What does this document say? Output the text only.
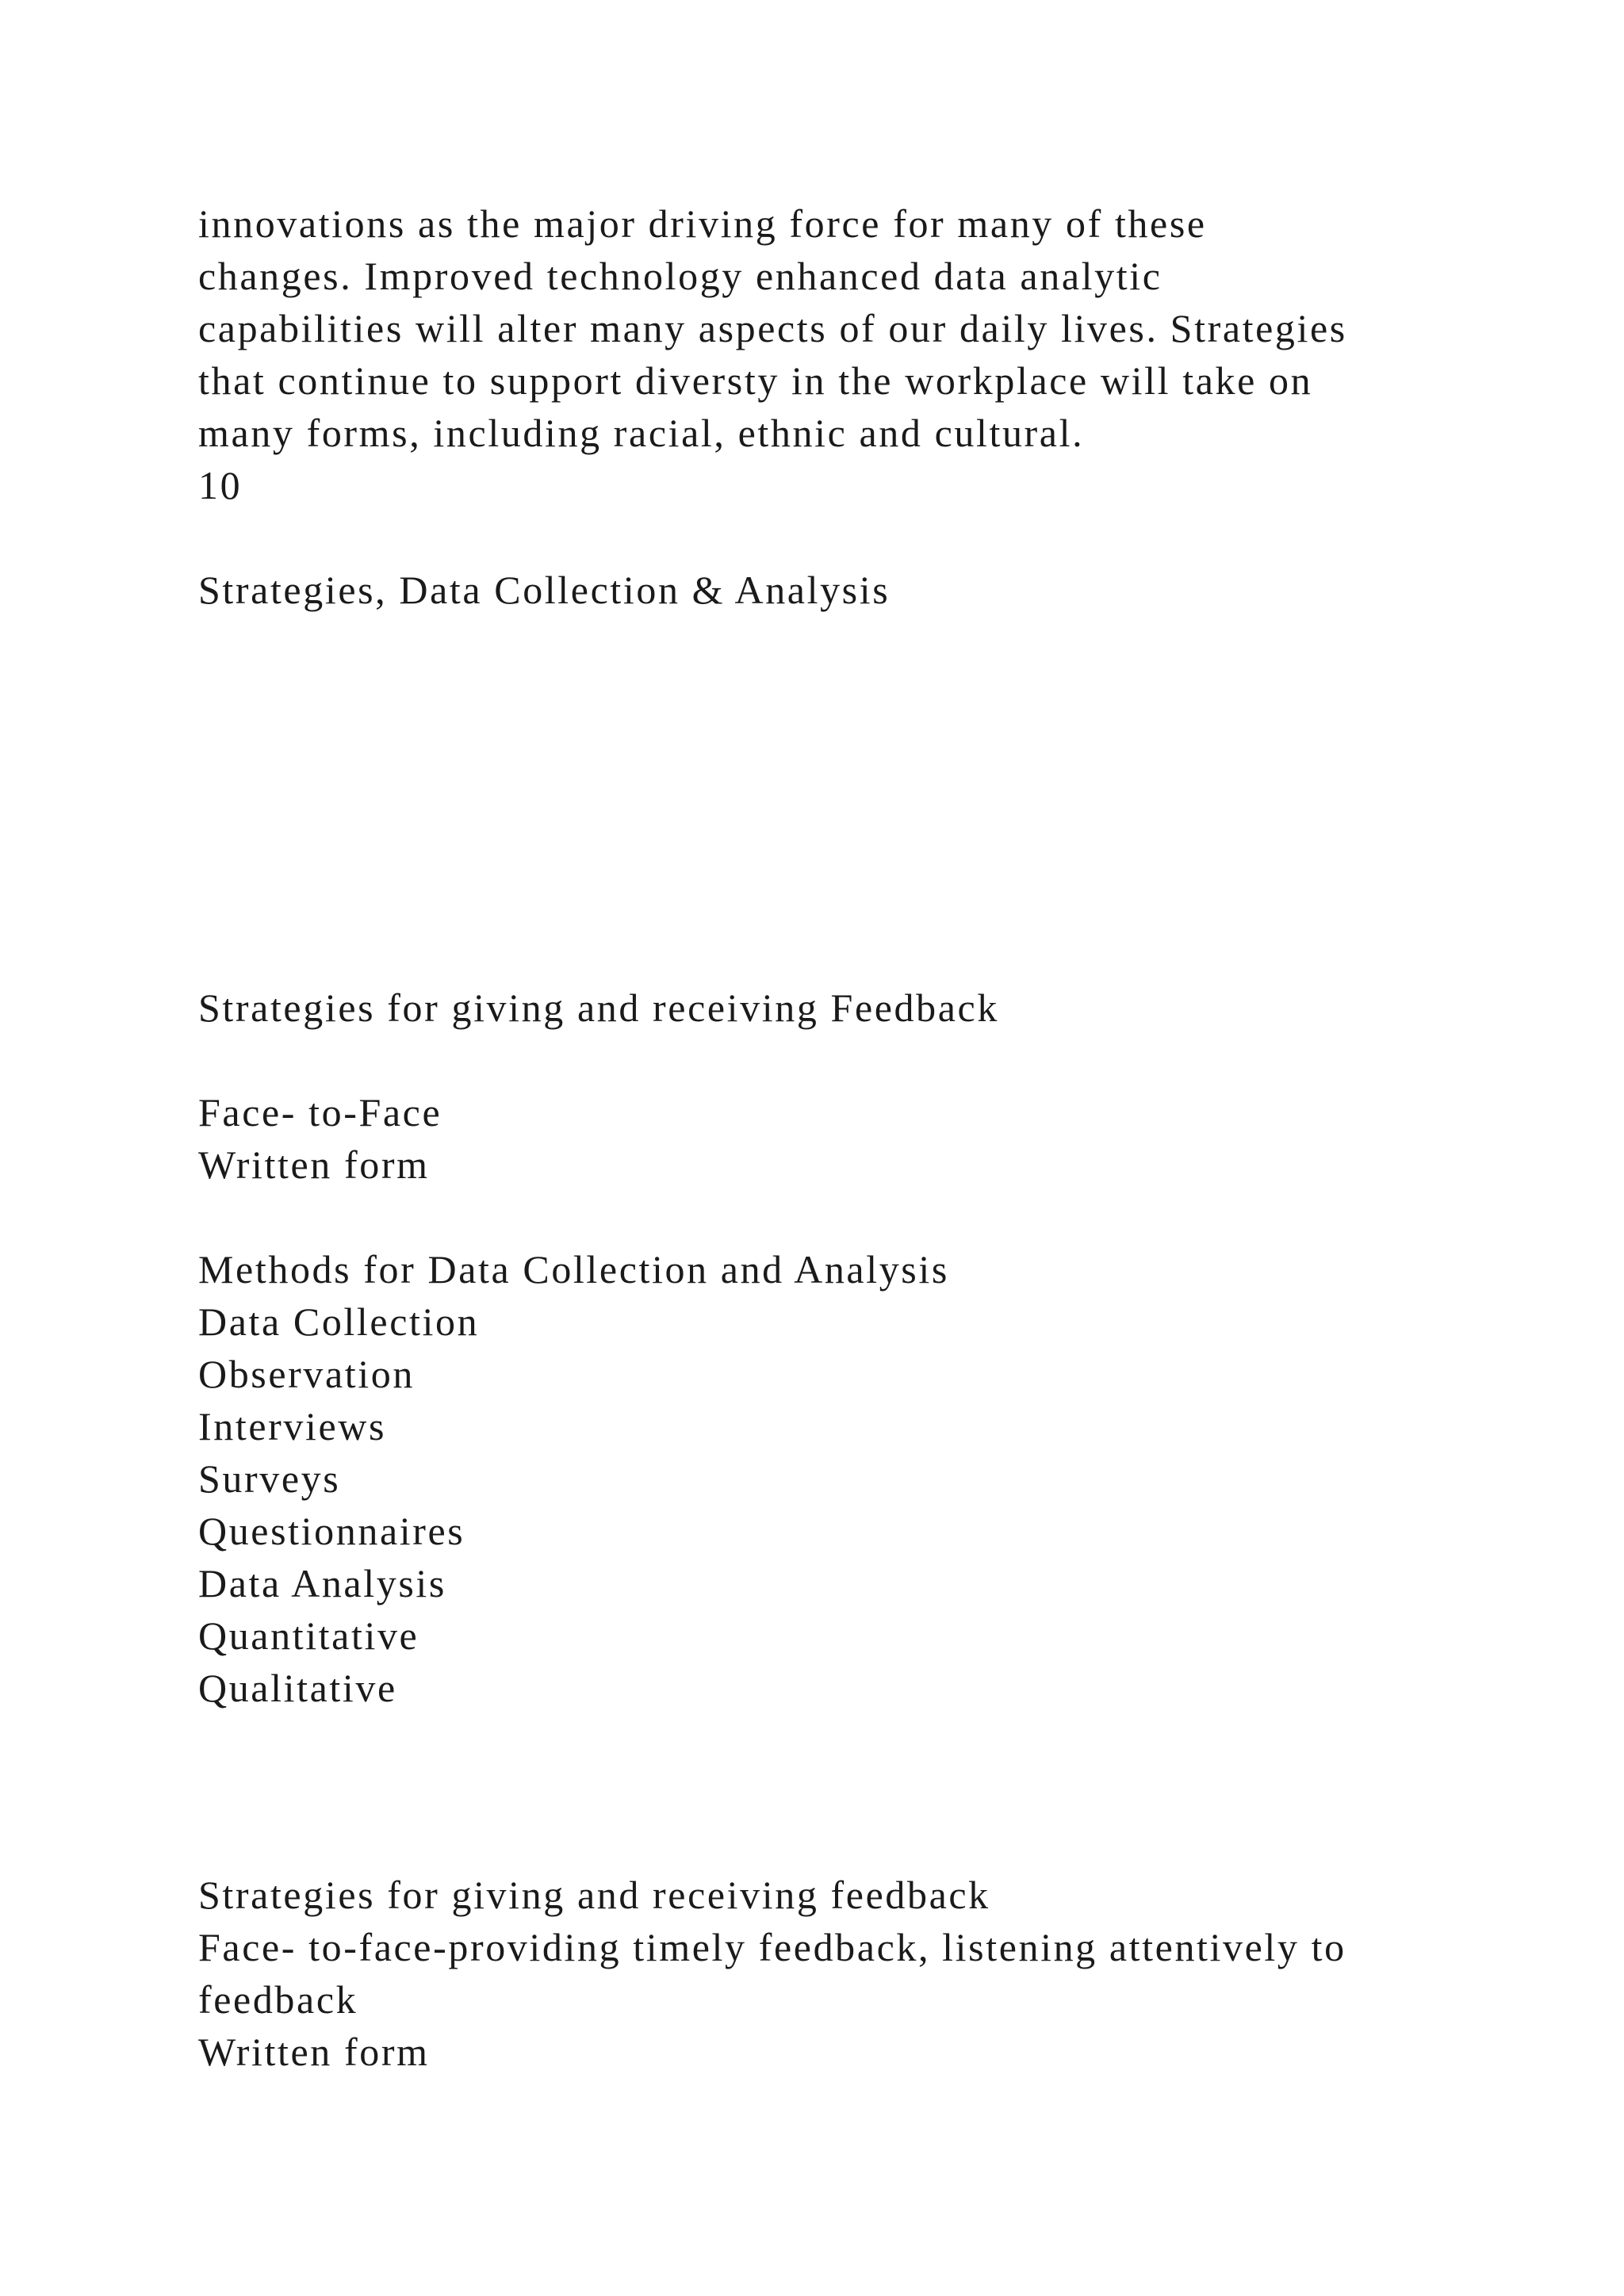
innovations as the major driving force for many of these
changes. Improved technology enhanced data analytic
capabilities will alter many aspects of our daily lives. Strategies
that continue to support diversty in the workplace will take on
many forms, including racial, ethnic and cultural.
10
Strategies, Data Collection & Analysis
Strategies for giving and receiving Feedback
Face- to-Face
Written form
Methods for Data Collection and Analysis
Data Collection
Observation
Interviews
Surveys
Questionnaires
Data Analysis
Quantitative
Qualitative
Strategies for giving and receiving feedback
Face- to-face-providing timely feedback, listening attentively to
feedback
Written form
